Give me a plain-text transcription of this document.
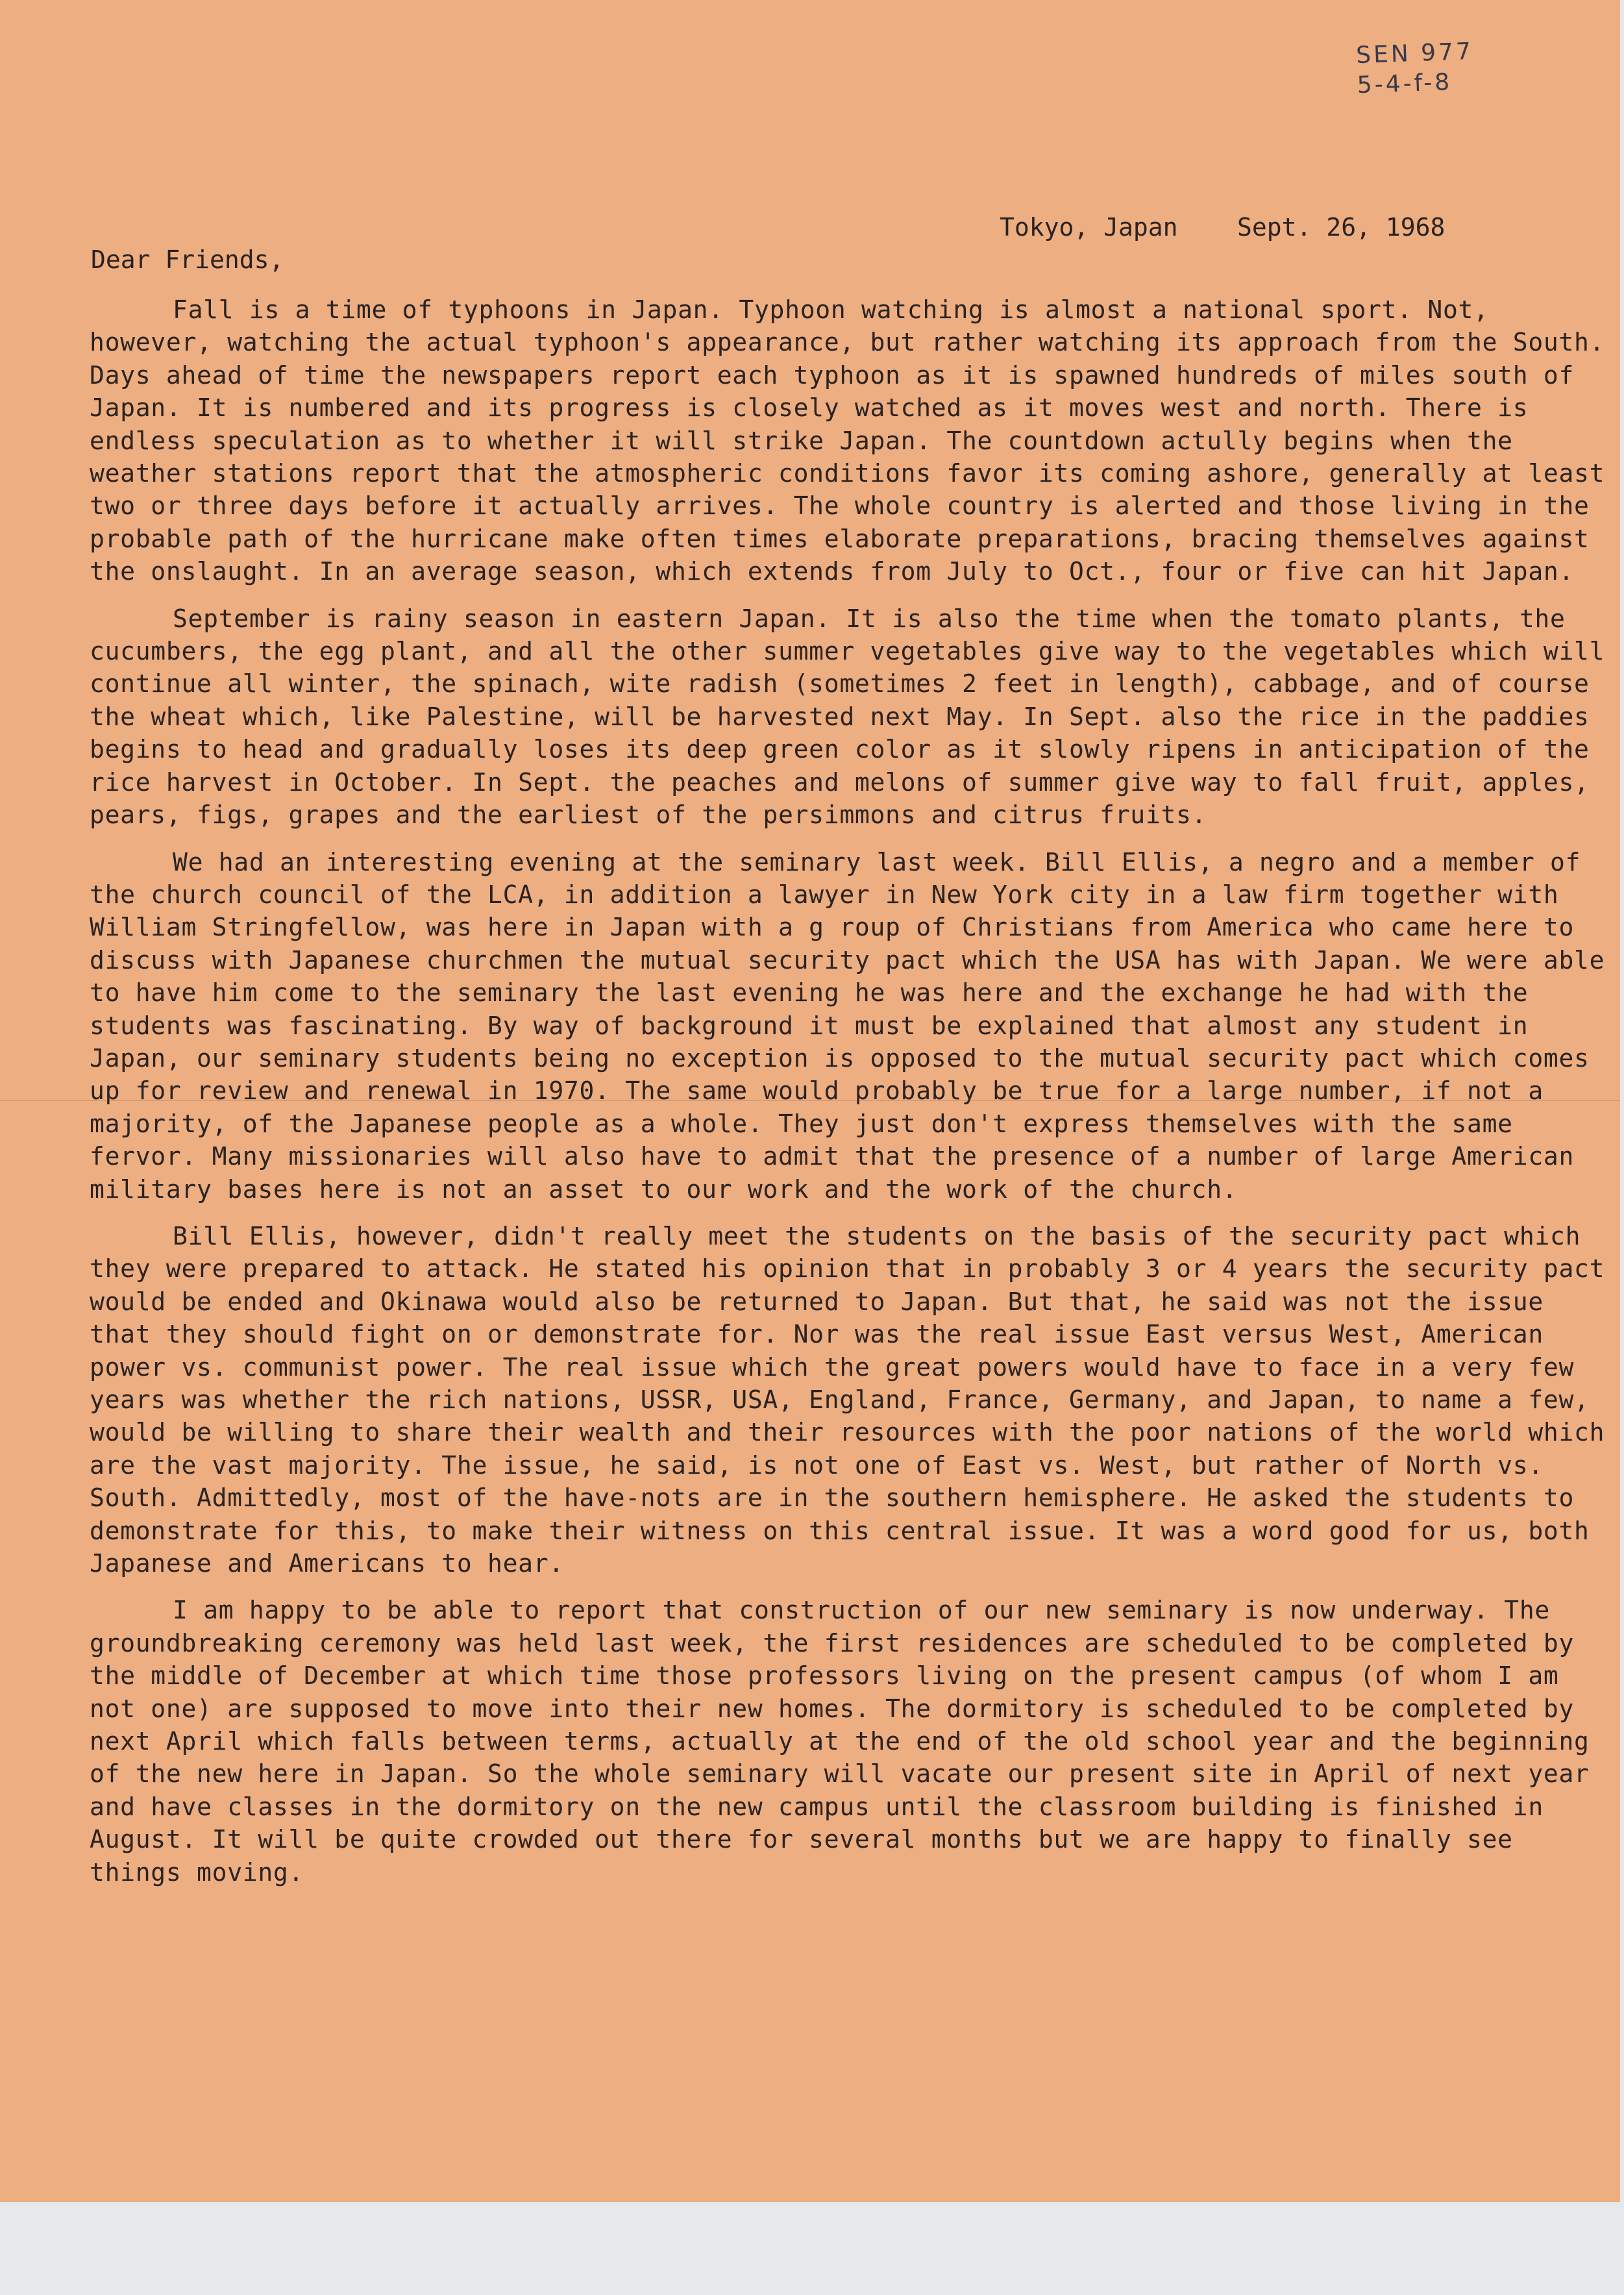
SEN 977
5-4-f-8
Tokyo, Japan    Sept. 26, 1968
Dear Friends,

Fall is a time of typhoons in Japan. Typhoon watching is almost a national sport. Not, however, watching the actual typhoon's appearance, but rather watching its approach from the South. Days ahead of time the newspapers report each typhoon as it is spawned hundreds of miles south of Japan. It is numbered and its progress is closely watched as it moves west and north. There is endless speculation as to whether it will strike Japan. The countdown actully begins when the weather stations report that the atmospheric conditions favor its coming ashore, generally at least two or three days before it actually arrives. The whole country is alerted and those living in the probable path of the hurricane make often times elaborate preparations, bracing themselves against the onslaught. In an average season, which extends from July to Oct., four or five can hit Japan.

September is rainy season in eastern Japan. It is also the time when the tomato plants, the cucumbers, the egg plant, and all the other summer vegetables give way to the vegetables which will continue all winter, the spinach, wite radish (sometimes 2 feet in length), cabbage, and of course the wheat which, like Palestine, will be harvested next May. In Sept. also the rice in the paddies begins to head and gradually loses its deep green color as it slowly ripens in anticipation of the rice harvest in October. In Sept. the peaches and melons of summer give way to fall fruit, apples, pears, figs, grapes and the earliest of the persimmons and citrus fruits.

We had an interesting evening at the seminary last week. Bill Ellis, a negro and a member of the church council of the LCA, in addition a lawyer in New York city in a law firm together with William Stringfellow, was here in Japan with a g roup of Christians from America who came here to discuss with Japanese churchmen the mutual security pact which the USA has with Japan. We were able to have him come to the seminary the last evening he was here and the exchange he had with the students was fascinating. By way of background it must be explained that almost any student in Japan, our seminary students being no exception is opposed to the mutual security pact which comes up for review and renewal in 1970. The same would probably be true for a large number, if not a majority, of the Japanese people as a whole. They just don't express themselves with the same fervor. Many missionaries will also have to admit that the presence of a number of large American military bases here is not an asset to our work and the work of the church.

Bill Ellis, however, didn't really meet the students on the basis of the security pact which they were prepared to attack. He stated his opinion that in probably 3 or 4 years the security pact would be ended and Okinawa would also be returned to Japan. But that, he said was not the issue that they should fight on or demonstrate for. Nor was the real issue East versus West, American power vs. communist power. The real issue which the great powers would have to face in a very few years was whether the rich nations, USSR, USA, England, France, Germany, and Japan, to name a few, would be willing to share their wealth and their resources with the poor nations of the world which are the vast majority. The issue, he said, is not one of East vs. West, but rather of North vs. South. Admittedly, most of the have-nots are in the southern hemisphere. He asked the students to demonstrate for this, to make their witness on this central issue. It was a word good for us, both Japanese and Americans to hear.

I am happy to be able to report that construction of our new seminary is now underway. The groundbreaking ceremony was held last week, the first residences are scheduled to be completed by the middle of December at which time those professors living on the present campus (of whom I am not one) are supposed to move into their new homes. The dormitory is scheduled to be completed by next April which falls between terms, actually at the end of the old school year and the beginning of the new here in Japan. So the whole seminary will vacate our present site in April of next year and have classes in the dormitory on the new campus until the classroom building is finished in August. It will be quite crowded out there for several months but we are happy to finally see things moving.
